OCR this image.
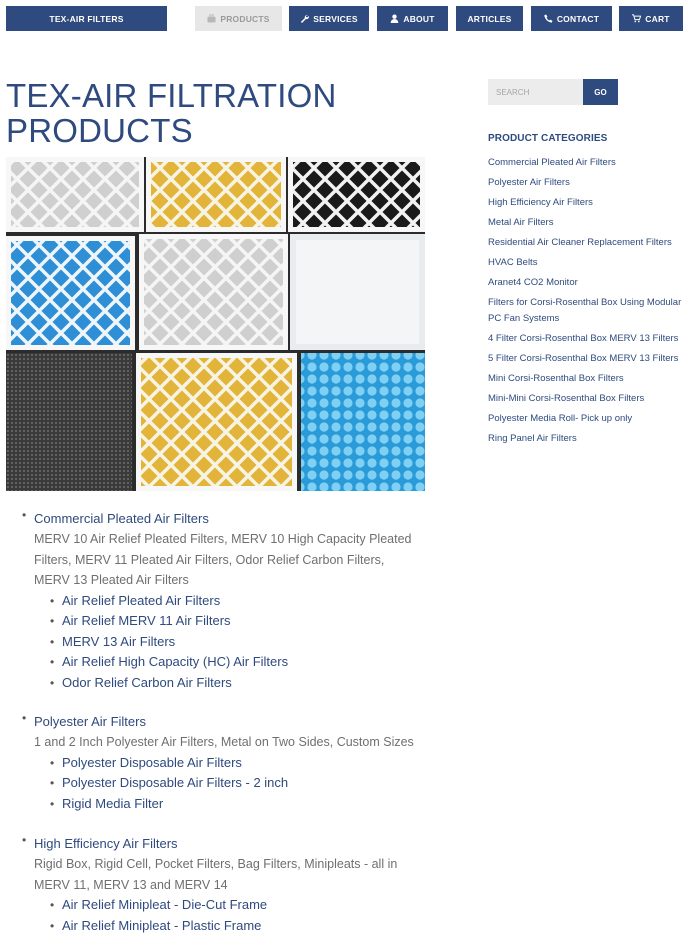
TEX-AIR FILTERS	PRODUCTS	SERVICES	ABOUT	ARTICLES	CONTACT	CART
TEX-AIR FILTRATION
PRODUCTS
• Commercial Pleated Air Filters
MERV 10 Air Relief Pleated Filters, MERV 10 High Capacity Pleated Filters, MERV 11 Pleated Air Filters, Odor Relief Carbon Filters, MERV 13 Pleated Air Filters
• Air Relief Pleated Air Filters
• Air Relief MERV 11 Air Filters
• MERV 13 Air Filters
• Air Relief High Capacity (HC) Air Filters
• Odor Relief Carbon Air Filters
• Polyester Air Filters
1 and 2 Inch Polyester Air Filters, Metal on Two Sides, Custom Sizes
• Polyester Disposable Air Filters
• Polyester Disposable Air Filters - 2 inch
• Rigid Media Filter
• High Efficiency Air Filters
Rigid Box, Rigid Cell, Pocket Filters, Bag Filters, Minipleats - all in MERV 11, MERV 13 and MERV 14
• Air Relief Minipleat - Die-Cut Frame
• Air Relief Minipleat - Plastic Frame
SEARCH
GO
PRODUCT CATEGORIES
Commercial Pleated Air Filters
Polyester Air Filters
High Efficiency Air Filters
Metal Air Filters
Residential Air Cleaner Replacement Filters
HVAC Belts
Aranet4 CO2 Monitor
Filters for Corsi-Rosenthal Box Using Modular PC Fan Systems
4 Filter Corsi-Rosenthal Box MERV 13 Filters
5 Filter Corsi-Rosenthal Box MERV 13 Filters
Mini Corsi-Rosenthal Box Filters
Mini-Mini Corsi-Rosenthal Box Filters
Polyester Media Roll- Pick up only
Ring Panel Air Filters
